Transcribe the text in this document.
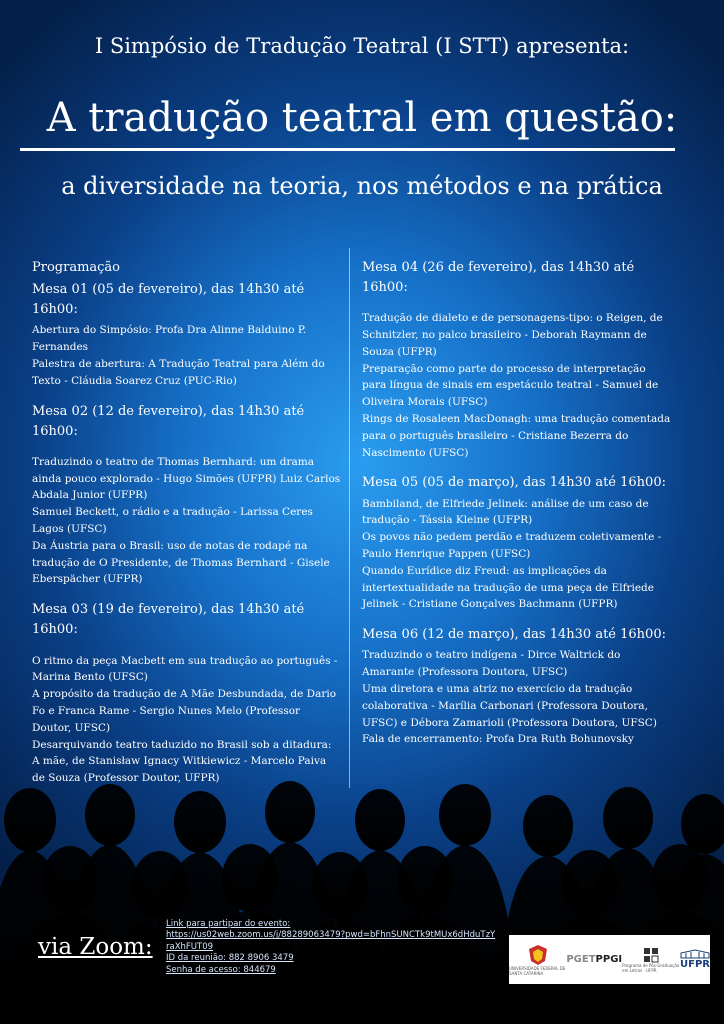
I Simpósio de Tradução Teatral (I STT) apresenta:
A tradução teatral em questão:
a diversidade na teoria, nos métodos e na prática
Programação
Mesa 01 (05 de fevereiro), das 14h30 até 16h00:

Abertura do Simpósio: Profa Dra Alinne Balduino P. Fernandes

Palestra de abertura: A Tradução Teatral para Além do Texto - Cláudia Soarez Cruz (PUC-Rio)

Mesa 02 (12 de fevereiro), das 14h30 até 16h00:

Traduzindo o teatro de Thomas Bernhard: um drama ainda pouco explorado - Hugo Simões (UFPR) Luiz Carlos Abdala Junior (UFPR)

Samuel Beckett, o rádio e a tradução - Larissa Ceres Lagos (UFSC)

Da Áustria para o Brasil: uso de notas de rodapé na tradução de O Presidente, de Thomas Bernhard - Gisele Eberspächer (UFPR)

Mesa 03 (19 de fevereiro), das 14h30 até 16h00:

O ritmo da peça Macbett em sua tradução ao português - Marina Bento (UFSC)

A propósito da tradução de A Mãe Desbundada, de Dario Fo e Franca Rame - Sergio Nunes Melo (Professor Doutor, UFSC)

Desarquivando teatro taduzido no Brasil sob a ditadura: A mãe, de Stanisław Ignacy Witkiewicz - Marcelo Paiva de Souza (Professor Doutor, UFPR)

Mesa 04 (26 de fevereiro), das 14h30 até 16h00:

Tradução de dialeto e de personagens-tipo: o Reigen, de Schnitzler, no palco brasileiro - Deborah Raymann de Souza (UFPR)

Preparação como parte do processo de interpretação para língua de sinais em espetáculo teatral - Samuel de Oliveira Morais (UFSC)

Rings de Rosaleen MacDonagh: uma tradução comentada para o português brasileiro - Cristiane Bezerra do Nascimento (UFSC)

Mesa 05 (05 de março), das 14h30 até 16h00:

Bambiland, de Elfriede Jelinek: análise de um caso de tradução - Tássia Kleine (UFPR)

Os povos não pedem perdão e traduzem coletivamente - Paulo Henrique Pappen (UFSC)

Quando Eurídice diz Freud: as implicações da intertextualidade na tradução de uma peça de Elfriede Jelinek - Cristiane Gonçalves Bachmann (UFPR)

Mesa 06 (12 de março), das 14h30 até 16h00:

Traduzindo o teatro indígena - Dirce Waltrick do Amarante (Professora Doutora, UFSC)

Uma diretora e uma atriz no exercício da tradução colaborativa - Marília Carbonari (Professora Doutora, UFSC) e Débora Zamarioli (Professora Doutora, UFSC)

Fala de encerramento: Profa Dra Ruth Bohunovsky

via Zoom:
Link para partipar do evento:
https://us02web.zoom.us/j/88289063479?pwd=bFhnSUNCTk9tMUx6dHduTzYraXhFUT09
ID da reunião: 882 8906 3479
Senha de acesso: 844679	UNIVERSIDADE FEDERAL DE SANTA CATARINA
PGET PPGI Programa de Pós-Graduação em Letras - UFPR	UFPR
